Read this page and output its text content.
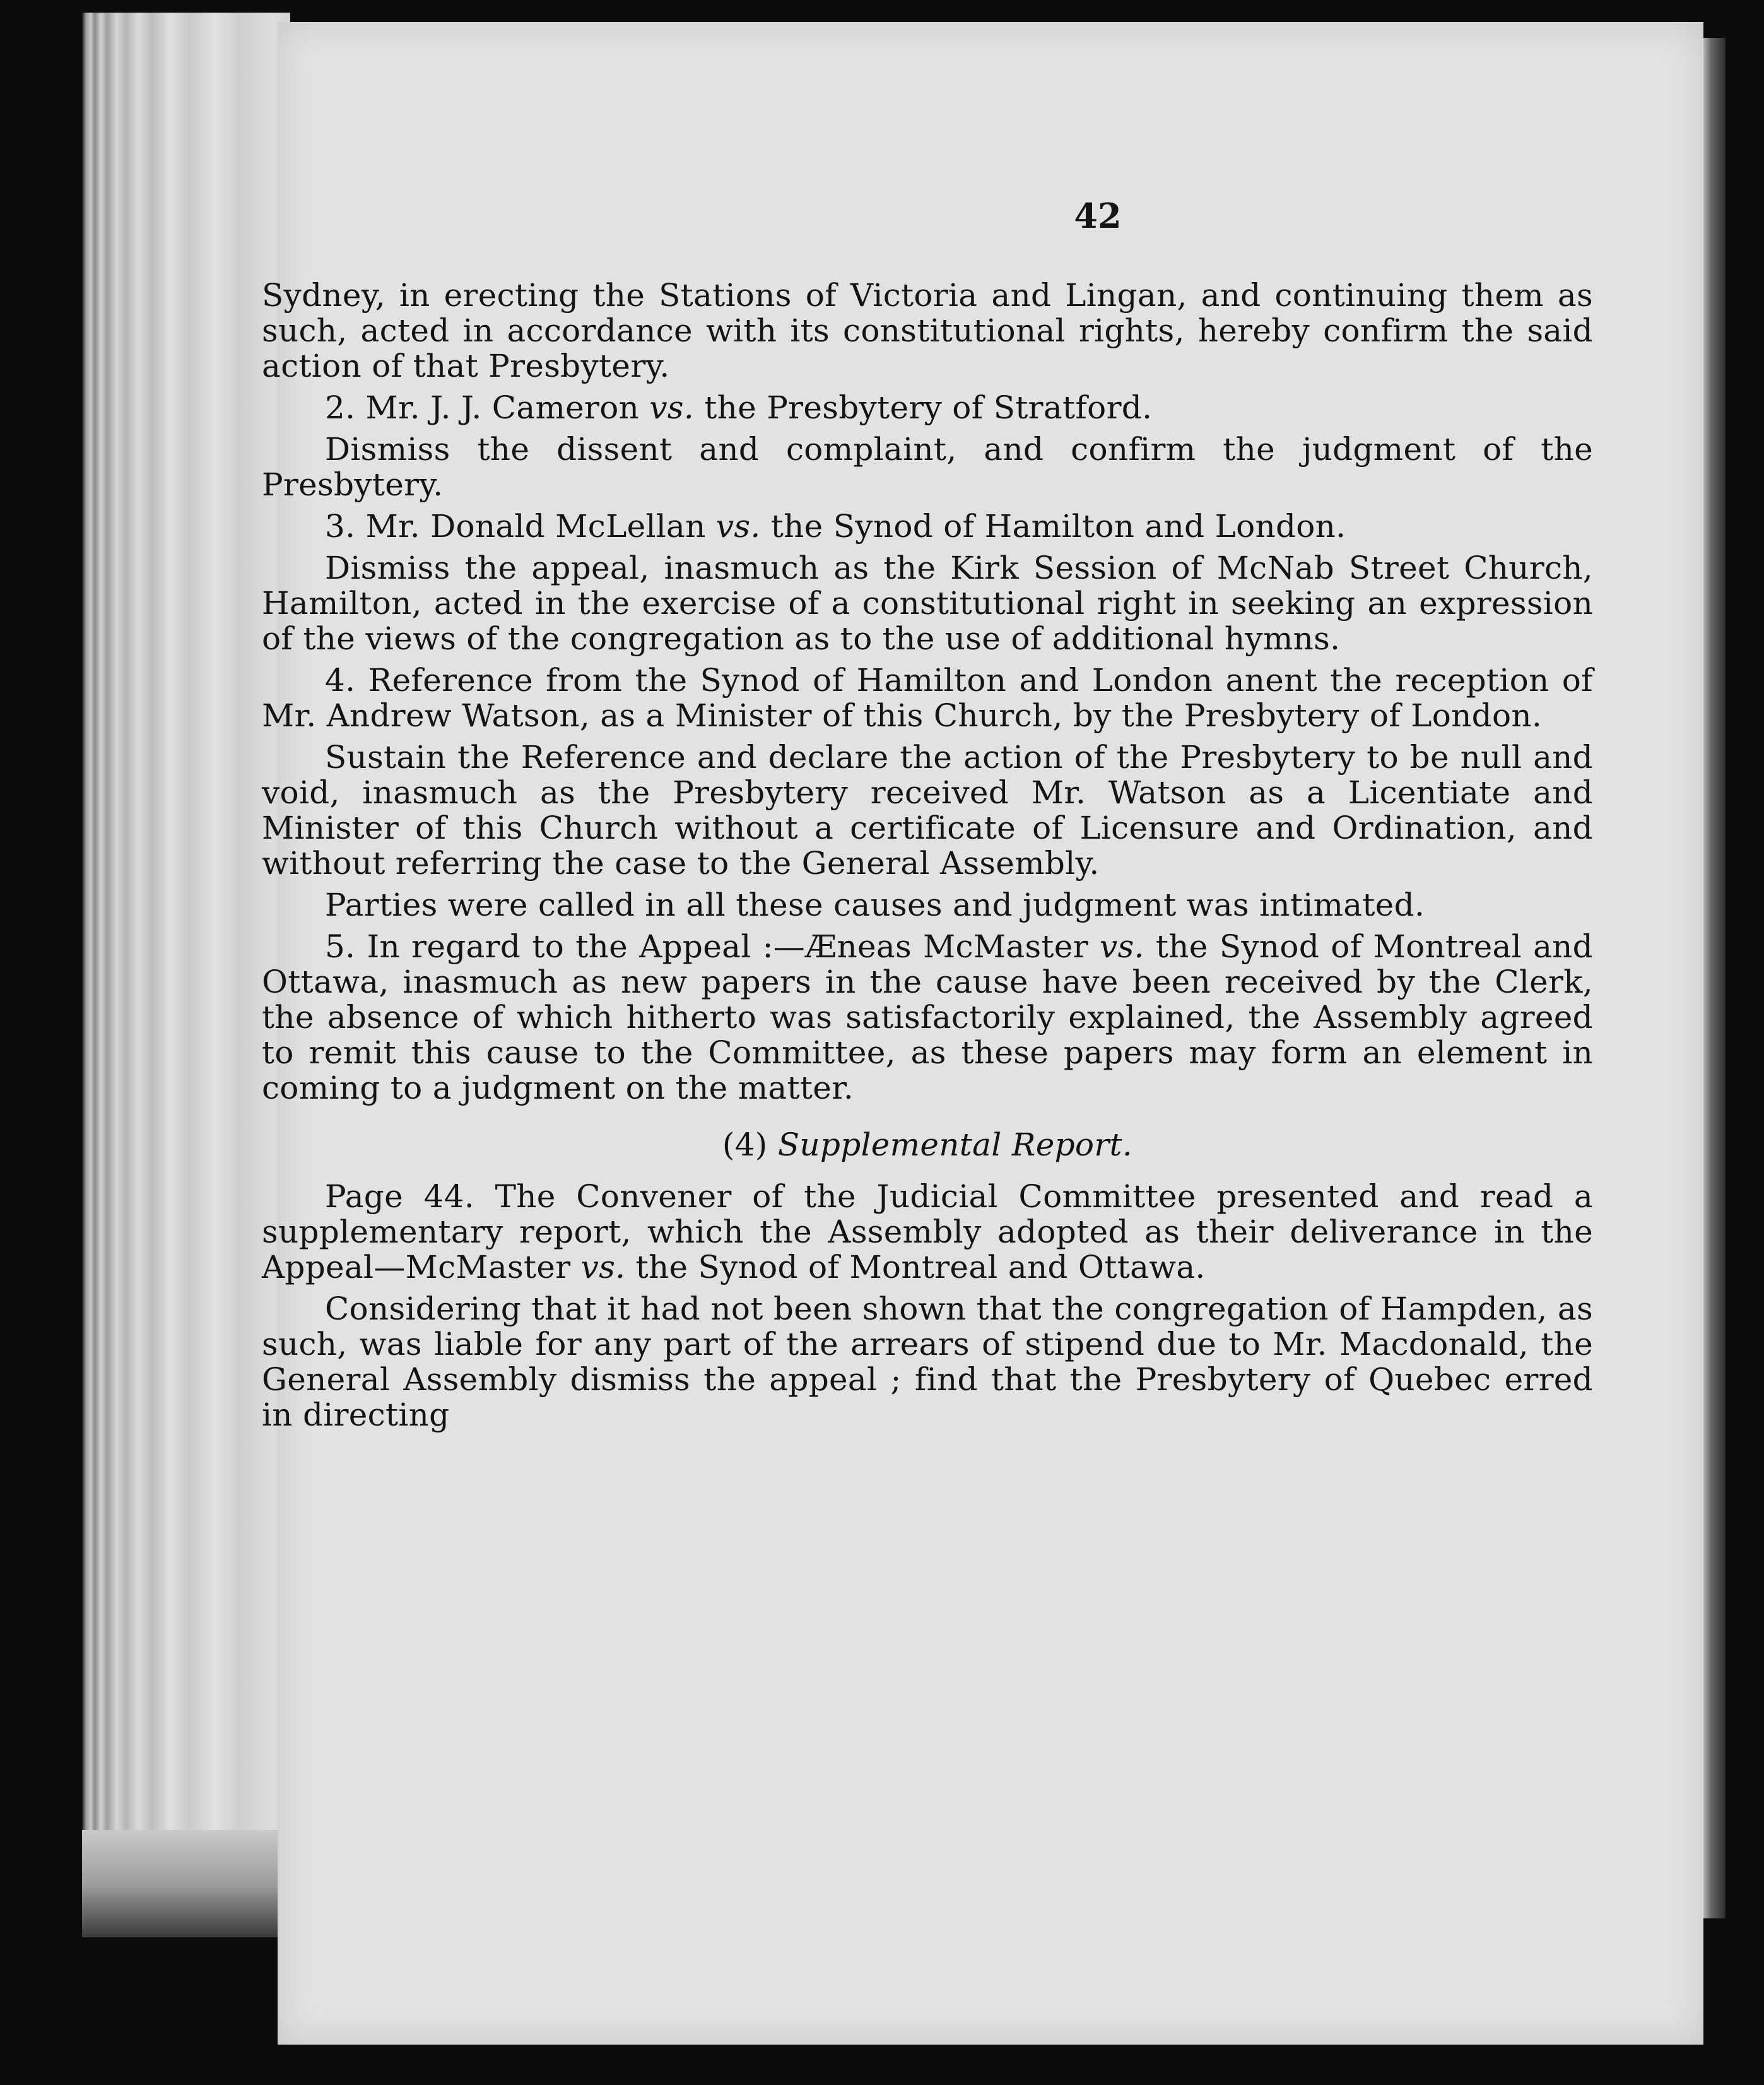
42

Sydney, in erecting the Stations of Victoria and Lingan, and continuing them as such, acted in accordance with its constitutional rights, hereby confirm the said action of that Presbytery.

2. Mr. J. J. Cameron vs. the Presbytery of Stratford.

Dismiss the dissent and complaint, and confirm the judgment of the Presbytery.

3. Mr. Donald McLellan vs. the Synod of Hamilton and London.

Dismiss the appeal, inasmuch as the Kirk Session of McNab Street Church, Hamilton, acted in the exercise of a constitutional right in seeking an expression of the views of the congregation as to the use of additional hymns.

4. Reference from the Synod of Hamilton and London anent the reception of Mr. Andrew Watson, as a Minister of this Church, by the Presbytery of London.

Sustain the Reference and declare the action of the Presbytery to be null and void, inasmuch as the Presbytery received Mr. Watson as a Licentiate and Minister of this Church without a certificate of Licensure and Ordination, and without referring the case to the General Assembly.

Parties were called in all these causes and judgment was intimated.

5. In regard to the Appeal :—Æneas McMaster vs. the Synod of Montreal and Ottawa, inasmuch as new papers in the cause have been received by the Clerk, the absence of which hitherto was satisfactorily explained, the Assembly agreed to remit this cause to the Committee, as these papers may form an element in coming to a judgment on the matter.

(4) Supplemental Report.

Page 44. The Convener of the Judicial Committee presented and read a supplementary report, which the Assembly adopted as their deliverance in the Appeal—McMaster vs. the Synod of Montreal and Ottawa.

Considering that it had not been shown that the congregation of Hampden, as such, was liable for any part of the arrears of stipend due to Mr. Macdonald, the General Assembly dismiss the appeal ; find that the Presbytery of Quebec erred in directing
